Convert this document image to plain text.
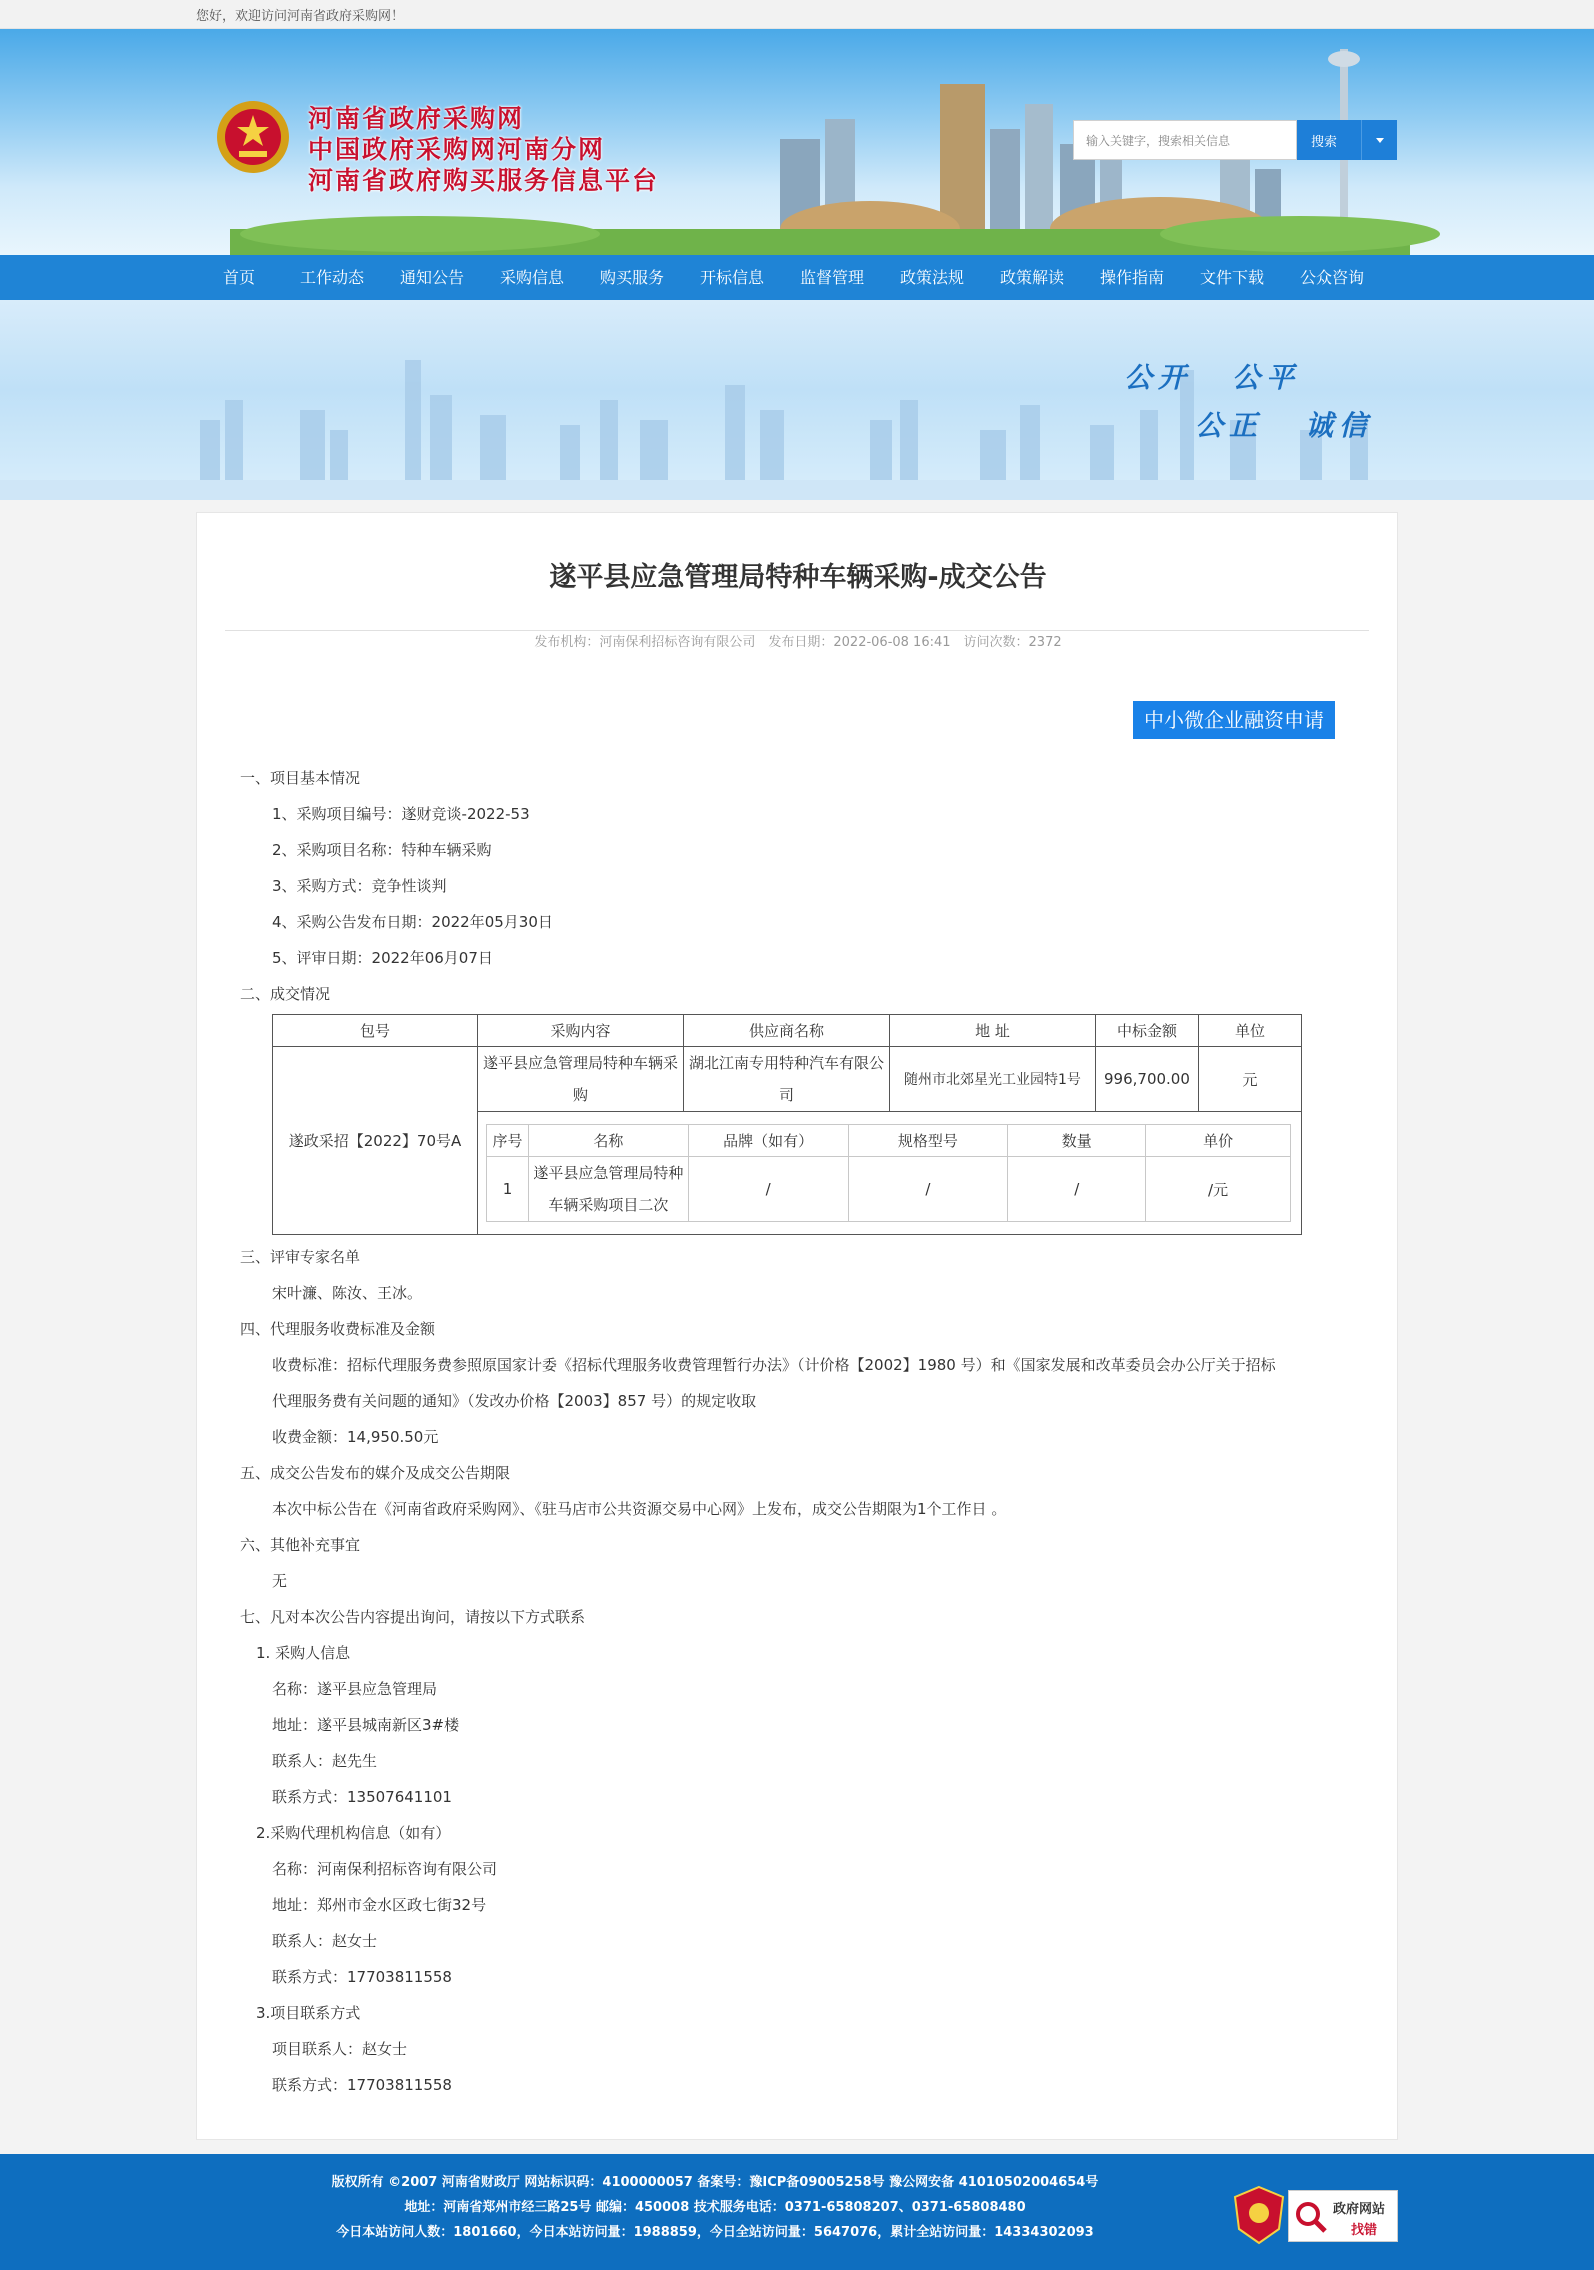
您好，欢迎访问河南省政府采购网！
河南省政府采购网
中国政府采购网河南分网
河南省政府购买服务信息平台
输入关键字，搜索相关信息	搜索
首页	工作动态 通知公告 采购信息 购买服务 开标信息 监督管理 政策法规 政策解读 操作指南 文件下载 公众咨询
公开 公平
公正 诚信
遂平县应急管理局特种车辆采购-成交公告
发布机构：河南保利招标咨询有限公司　发布日期：2022-06-08 16:41　访问次数：2372
中小微企业融资申请
一、项目基本情况
1、采购项目编号：遂财竞谈-2022-53
2、采购项目名称：特种车辆采购
3、采购方式：竞争性谈判
4、采购公告发布日期：2022年05月30日
5、评审日期：2022年06月07日
二、成交情况
包号	采购内容	供应商名称	地 址	中标金额	单位
遂政采招【2022】70号A	遂平县应急管理局特种车辆采购	湖北江南专用特种汽车有限公司	随州市北郊星光工业园特1号	996,700.00	元

序号	名称	品牌（如有）	规格型号	数量	单价
1	遂平县应急管理局特种车辆采购项目二次	/	/	/	/元
三、评审专家名单
宋叶濂、陈汝、王冰。
四、代理服务收费标准及金额
收费标准：招标代理服务费参照原国家计委《招标代理服务收费管理暂行办法》（计价格【2002】1980 号）和《国家发展和改革委员会办公厅关于招标
代理服务费有关问题的通知》（发改办价格【2003】857 号）的规定收取
收费金额：14,950.50元
五、成交公告发布的媒介及成交公告期限
本次中标公告在《河南省政府采购网》、《驻马店市公共资源交易中心网》上发布，成交公告期限为1个工作日 。
六、其他补充事宜
无
七、凡对本次公告内容提出询问，请按以下方式联系
1. 采购人信息
名称：遂平县应急管理局
地址：遂平县城南新区3#楼
联系人：赵先生
联系方式：13507641101
2.采购代理机构信息（如有）
名称：河南保利招标咨询有限公司
地址：郑州市金水区政七街32号
联系人：赵女士
联系方式：17703811558
3.项目联系方式
项目联系人：赵女士
联系方式：17703811558
版权所有 ©2007 河南省财政厅 网站标识码：4100000057 备案号：豫ICP备09005258号 豫公网安备 41010502004654号
地址：河南省郑州市经三路25号 邮编：450008 技术服务电话：0371-65808207、0371-65808480
今日本站访问人数：1801660，今日本站访问量：1988859，今日全站访问量：5647076，累计全站访问量：14334302093
政府网站
找错
